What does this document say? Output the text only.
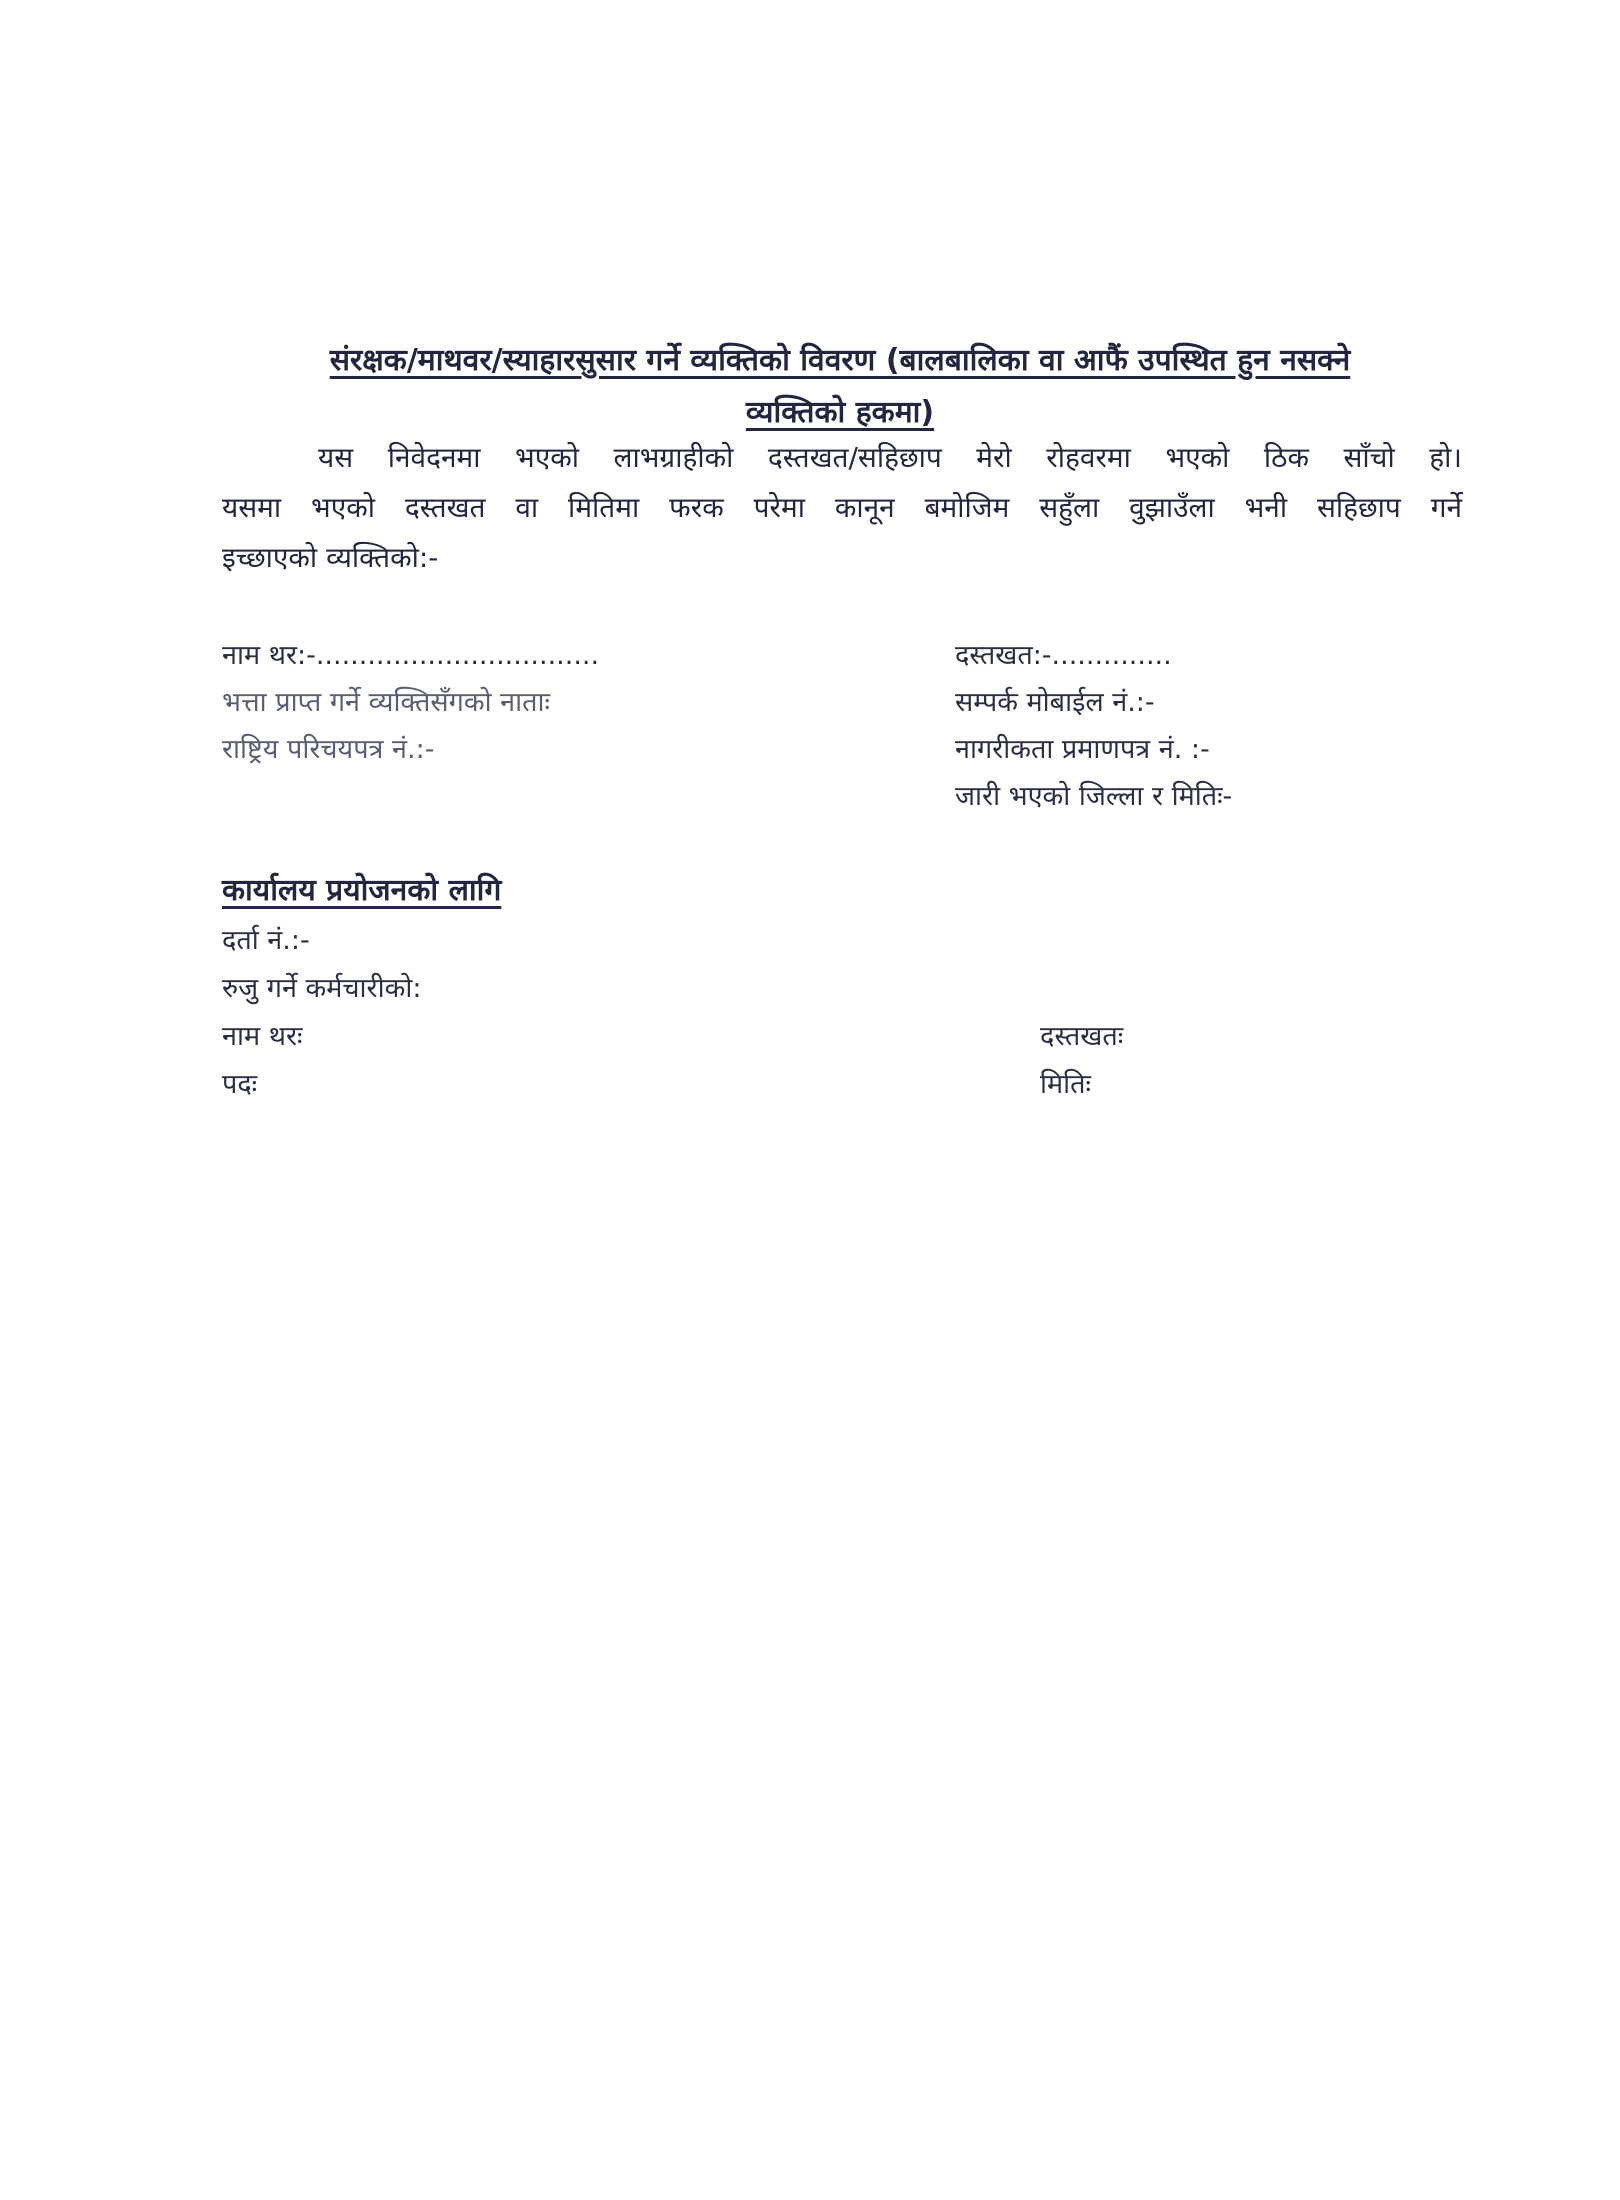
संरक्षक/माथवर/स्याहारसुसार गर्ने व्यक्तिको विवरण (बालबालिका वा आफैं उपस्थित हुन नसक्ने
व्यक्तिको हकमा)
यस निवेदनमा भएको लाभग्राहीको दस्तखत/सहिछाप मेरो रोहवरमा भएको ठिक साँचो हो।
यसमा भएको दस्तखत वा मितिमा फरक परेमा कानून बमोजिम सहुँला वुझाउँला भनी सहिछाप गर्ने
इच्छाएको व्यक्तिको:-
नाम थर:-.................................
भत्ता प्राप्त गर्ने व्यक्तिसँगको नाताः
राष्ट्रिय परिचयपत्र नं.:-
दस्तखत:-..............
सम्पर्क मोबाईल नं.:-
नागरीकता प्रमाणपत्र नं. :-
जारी भएको जिल्ला र मितिः-
कार्यालय प्रयोजनको लागि
दर्ता नं.:-
रुजु गर्ने कर्मचारीको:
नाम थरः
पदः
दस्तखतः
मितिः
